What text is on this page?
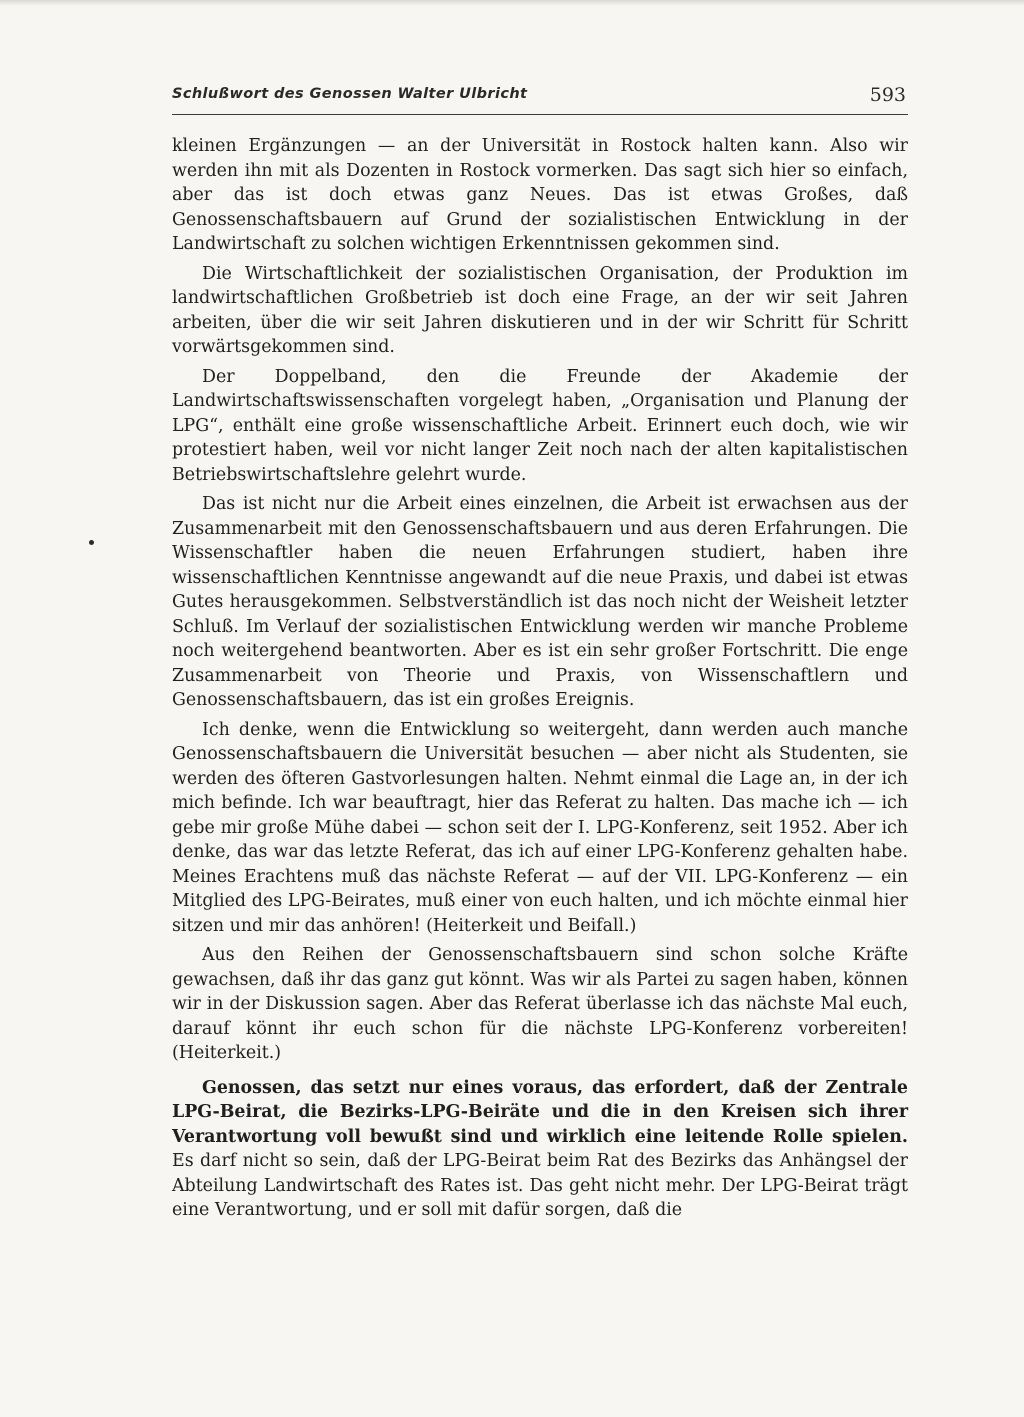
Schlußwort des Genossen Walter Ulbricht	593

kleinen Ergänzungen — an der Universität in Rostock halten kann. Also wir werden ihn mit als Dozenten in Rostock vormerken. Das sagt sich hier so einfach, aber das ist doch etwas ganz Neues. Das ist etwas Großes, daß Genossenschaftsbauern auf Grund der sozialistischen Entwicklung in der Landwirtschaft zu solchen wichtigen Erkenntnissen gekommen sind.

Die Wirtschaftlichkeit der sozialistischen Organisation, der Produktion im landwirtschaftlichen Großbetrieb ist doch eine Frage, an der wir seit Jahren arbeiten, über die wir seit Jahren diskutieren und in der wir Schritt für Schritt vorwärtsgekommen sind.

Der Doppelband, den die Freunde der Akademie der Landwirtschaftswissenschaften vorgelegt haben, „Organisation und Planung der LPG“, enthält eine große wissenschaftliche Arbeit. Erinnert euch doch, wie wir protestiert haben, weil vor nicht langer Zeit noch nach der alten kapitalistischen Betriebswirtschaftslehre gelehrt wurde.

Das ist nicht nur die Arbeit eines einzelnen, die Arbeit ist erwachsen aus der Zusammenarbeit mit den Genossenschaftsbauern und aus deren Erfahrungen. Die Wissenschaftler haben die neuen Erfahrungen studiert, haben ihre wissenschaftlichen Kenntnisse angewandt auf die neue Praxis, und dabei ist etwas Gutes herausgekommen. Selbstverständlich ist das noch nicht der Weisheit letzter Schluß. Im Verlauf der sozialistischen Entwicklung werden wir manche Probleme noch weitergehend beantworten. Aber es ist ein sehr großer Fortschritt. Die enge Zusammenarbeit von Theorie und Praxis, von Wissenschaftlern und Genossenschaftsbauern, das ist ein großes Ereignis.

Ich denke, wenn die Entwicklung so weitergeht, dann werden auch manche Genossenschaftsbauern die Universität besuchen — aber nicht als Studenten, sie werden des öfteren Gastvorlesungen halten. Nehmt einmal die Lage an, in der ich mich befinde. Ich war beauftragt, hier das Referat zu halten. Das mache ich — ich gebe mir große Mühe dabei — schon seit der I. LPG-Konferenz, seit 1952. Aber ich denke, das war das letzte Referat, das ich auf einer LPG-Konferenz gehalten habe. Meines Erachtens muß das nächste Referat — auf der VII. LPG-Konferenz — ein Mitglied des LPG-Beirates, muß einer von euch halten, und ich möchte einmal hier sitzen und mir das anhören! (Heiterkeit und Beifall.)

Aus den Reihen der Genossenschaftsbauern sind schon solche Kräfte gewachsen, daß ihr das ganz gut könnt. Was wir als Partei zu sagen haben, können wir in der Diskussion sagen. Aber das Referat überlasse ich das nächste Mal euch, darauf könnt ihr euch schon für die nächste LPG-Konferenz vorbereiten! (Heiterkeit.)

Genossen, das setzt nur eines voraus, das erfordert, daß der Zentrale LPG-Beirat, die Bezirks-LPG-Beiräte und die in den Kreisen sich ihrer Verantwortung voll bewußt sind und wirklich eine leitende Rolle spielen. Es darf nicht so sein, daß der LPG-Beirat beim Rat des Bezirks das Anhängsel der Abteilung Landwirtschaft des Rates ist. Das geht nicht mehr. Der LPG-Beirat trägt eine Verantwortung, und er soll mit dafür sorgen, daß die
